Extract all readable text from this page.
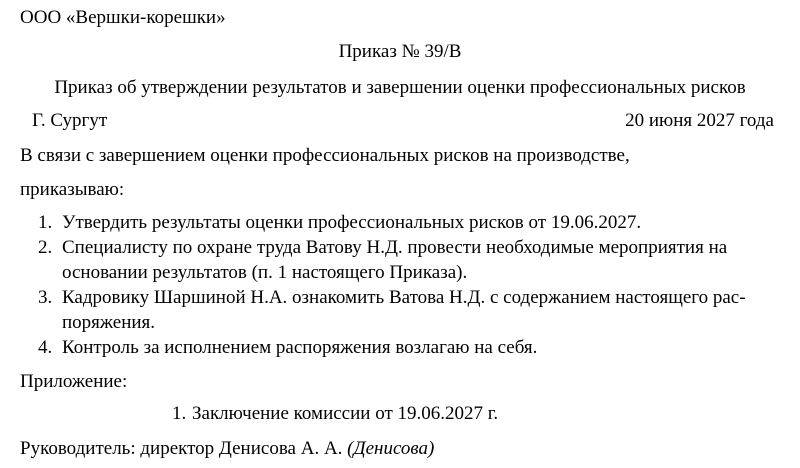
ООО «Вершки-корешки»
Приказ № 39/В
Приказ об утверждении результатов и завершении оценки профессиональных рисков
Г. Сургут	20 июня 2027 года
В связи с завершением оценки профессиональных рисков на производстве,
приказываю:
1. Утвердить результаты оценки профессиональных рисков от 19.06.2027.
2. Специалисту по охране труда Ватову Н.Д. провести необходимые мероприятия на
основании результатов (п. 1 настоящего Приказа).
3. Кадровику Шаршиной Н.А. ознакомить Ватова Н.Д. с содержанием настоящего рас-
поряжения.
4. Контроль за исполнением распоряжения возлагаю на себя.
Приложение:
1. Заключение комиссии от 19.06.2027 г.
Руководитель: директор Денисова А. А. (Денисова)
